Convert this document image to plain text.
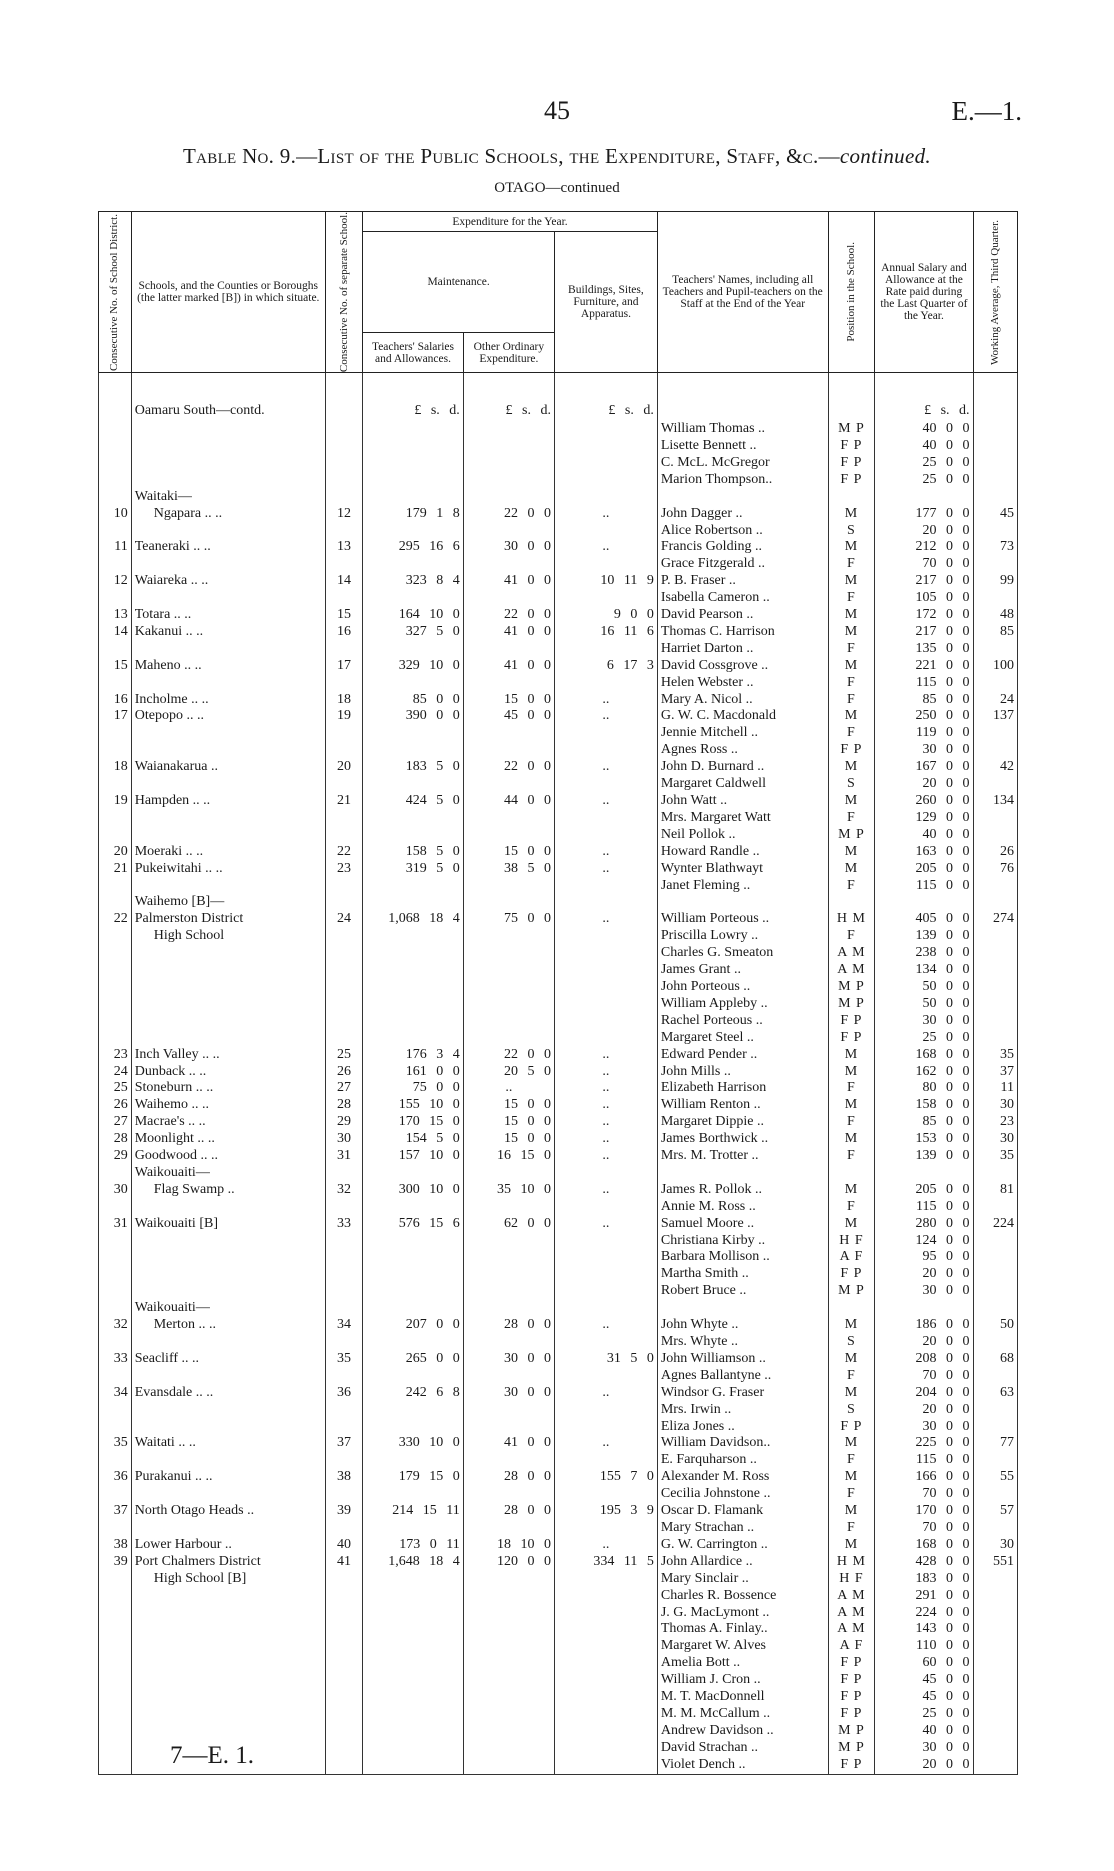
45	E.—1.
Table No. 9.—List of the Public Schools, the Expenditure, Staff, &c.—continued.
OTAGO—continued
Consecutive No. of School District.	Schools, and the Counties or Boroughs (the latter marked [B]) in which situate.	Consecutive No. of separate School.	Expenditure for the Year.			Teachers' Names, including all Teachers and Pupil-teachers on the Staff at the End of the Year	Position in the School.	Annual Salary and Allowance at the Rate paid during the Last Quarter of the Year.	Working Average, Third Quarter.

			Maintenance.		Buildings, Sites, Furniture, and Apparatus.				
			Teachers' Salaries and Allowances.	Other Ordinary Expenditure.					

	Oamaru South—contd.		£ s. d.	£ s. d.	£ s. d.			£ s. d.	
						William Thomas ..	M P	40 0 0	
						Lisette Bennett ..	F P	40 0 0	
						C. McL. McGregor	F P	25 0 0	
						Marion Thompson..	F P	25 0 0	
	Waitaki—								
10	Ngapara .. ..	12	179 1 8	22 0 0	..	John Dagger ..	M	177 0 0	45
						Alice Robertson ..	S	20 0 0	
11	Teaneraki .. ..	13	295 16 6	30 0 0	..	Francis Golding ..	M	212 0 0	73
						Grace Fitzgerald ..	F	70 0 0	
12	Waiareka .. ..	14	323 8 4	41 0 0	10 11 9	P. B. Fraser ..	M	217 0 0	99
						Isabella Cameron ..	F	105 0 0	
13	Totara .. ..	15	164 10 0	22 0 0	9 0 0	David Pearson ..	M	172 0 0	48
14	Kakanui .. ..	16	327 5 0	41 0 0	16 11 6	Thomas C. Harrison	M	217 0 0	85
						Harriet Darton ..	F	135 0 0	
15	Maheno .. ..	17	329 10 0	41 0 0	6 17 3	David Cossgrove ..	M	221 0 0	100
						Helen Webster ..	F	115 0 0	
16	Incholme .. ..	18	85 0 0	15 0 0	..	Mary A. Nicol ..	F	85 0 0	24
17	Otepopo .. ..	19	390 0 0	45 0 0	..	G. W. C. Macdonald	M	250 0 0	137
						Jennie Mitchell ..	F	119 0 0	
						Agnes Ross ..	F P	30 0 0	
18	Waianakarua ..	20	183 5 0	22 0 0	..	John D. Burnard ..	M	167 0 0	42
						Margaret Caldwell	S	20 0 0	
19	Hampden .. ..	21	424 5 0	44 0 0	..	John Watt ..	M	260 0 0	134
						Mrs. Margaret Watt	F	129 0 0	
						Neil Pollok ..	M P	40 0 0	
20	Moeraki .. ..	22	158 5 0	15 0 0	..	Howard Randle ..	M	163 0 0	26
21	Pukeiwitahi .. ..	23	319 5 0	38 5 0	..	Wynter Blathwayt	M	205 0 0	76
						Janet Fleming ..	F	115 0 0	
	Waihemo [B]—								
22	Palmerston District	24	1,068 18 4	75 0 0	..	William Porteous ..	H M	405 0 0	274
	High School					Priscilla Lowry ..	F	139 0 0	
						Charles G. Smeaton	A M	238 0 0	
						James Grant ..	A M	134 0 0	
						John Porteous ..	M P	50 0 0	
						William Appleby ..	M P	50 0 0	
						Rachel Porteous ..	F P	30 0 0	
						Margaret Steel ..	F P	25 0 0	
23	Inch Valley .. ..	25	176 3 4	22 0 0	..	Edward Pender ..	M	168 0 0	35
24	Dunback .. ..	26	161 0 0	20 5 0	..	John Mills ..	M	162 0 0	37
25	Stoneburn .. ..	27	75 0 0	..	..	Elizabeth Harrison	F	80 0 0	11
26	Waihemo .. ..	28	155 10 0	15 0 0	..	William Renton ..	M	158 0 0	30
27	Macrae's .. ..	29	170 15 0	15 0 0	..	Margaret Dippie ..	F	85 0 0	23
28	Moonlight .. ..	30	154 5 0	15 0 0	..	James Borthwick ..	M	153 0 0	30
29	Goodwood .. ..	31	157 10 0	16 15 0	..	Mrs. M. Trotter ..	F	139 0 0	35
	Waikouaiti—								
30	Flag Swamp ..	32	300 10 0	35 10 0	..	James R. Pollok ..	M	205 0 0	81
						Annie M. Ross ..	F	115 0 0	
31	Waikouaiti [B]	33	576 15 6	62 0 0	..	Samuel Moore ..	M	280 0 0	224
						Christiana Kirby ..	H F	124 0 0	
						Barbara Mollison ..	A F	95 0 0	
						Martha Smith ..	F P	20 0 0	
						Robert Bruce ..	M P	30 0 0	
	Waikouaiti—								
32	Merton .. ..	34	207 0 0	28 0 0	..	John Whyte ..	M	186 0 0	50
						Mrs. Whyte ..	S	20 0 0	
33	Seacliff .. ..	35	265 0 0	30 0 0	31 5 0	John Williamson ..	M	208 0 0	68
						Agnes Ballantyne ..	F	70 0 0	
34	Evansdale .. ..	36	242 6 8	30 0 0	..	Windsor G. Fraser	M	204 0 0	63
						Mrs. Irwin ..	S	20 0 0	
						Eliza Jones ..	F P	30 0 0	
35	Waitati .. ..	37	330 10 0	41 0 0	..	William Davidson..	M	225 0 0	77
						E. Farquharson ..	F	115 0 0	
36	Purakanui .. ..	38	179 15 0	28 0 0	155 7 0	Alexander M. Ross	M	166 0 0	55
						Cecilia Johnstone ..	F	70 0 0	
37	North Otago Heads ..	39	214 15 11	28 0 0	195 3 9	Oscar D. Flamank	M	170 0 0	57
						Mary Strachan ..	F	70 0 0	
38	Lower Harbour ..	40	173 0 11	18 10 0	..	G. W. Carrington ..	M	168 0 0	30
39	Port Chalmers District	41	1,648 18 4	120 0 0	334 11 5	John Allardice ..	H M	428 0 0	551
	High School [B]					Mary Sinclair ..	H F	183 0 0	
						Charles R. Bossence	A M	291 0 0	
						J. G. MacLymont ..	A M	224 0 0	
						Thomas A. Finlay..	A M	143 0 0	
						Margaret W. Alves	A F	110 0 0	
						Amelia Bott ..	F P	60 0 0	
						William J. Cron ..	F P	45 0 0	
						M. T. MacDonnell	F P	45 0 0	
						M. M. McCallum ..	F P	25 0 0	
						Andrew Davidson ..	M P	40 0 0	
						David Strachan ..	M P	30 0 0	
						Violet Dench ..	F P	20 0 0	
7—E. 1.
